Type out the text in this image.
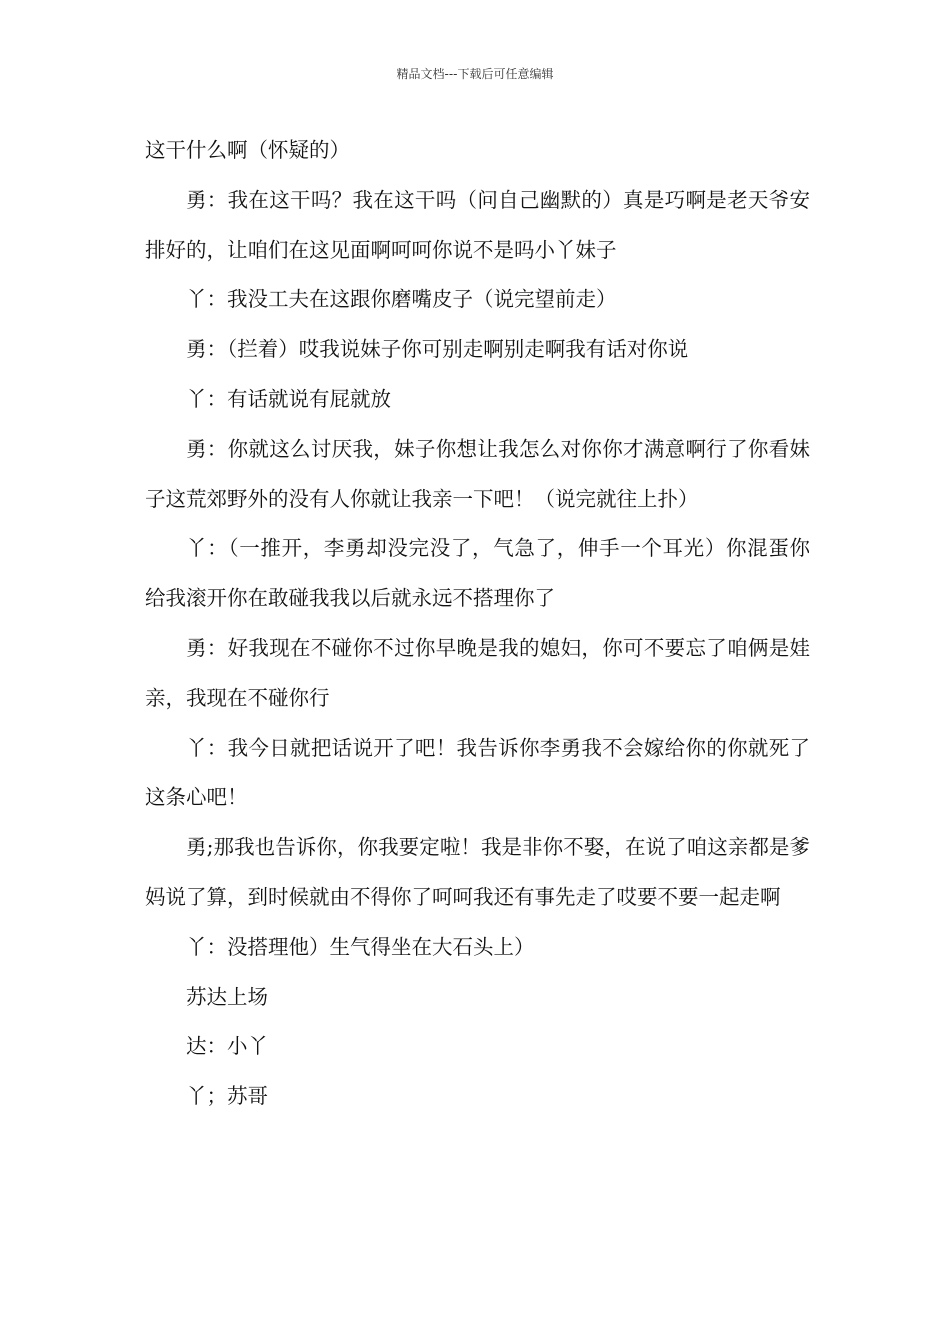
精品文档---下载后可任意编辑

这干什么啊（怀疑的）

勇：我在这干吗？我在这干吗（问自己幽默的）真是巧啊是老天爷安排好的，让咱们在这见面啊呵呵你说不是吗小丫妹子

丫：我没工夫在这跟你磨嘴皮子（说完望前走）

勇：（拦着）哎我说妹子你可别走啊别走啊我有话对你说

丫：有话就说有屁就放

勇：你就这么讨厌我，妹子你想让我怎么对你你才满意啊行了你看妹子这荒郊野外的没有人你就让我亲一下吧！（说完就往上扑）

丫：（一推开，李勇却没完没了，气急了，伸手一个耳光）你混蛋你给我滚开你在敢碰我我以后就永远不搭理你了

勇：好我现在不碰你不过你早晚是我的媳妇，你可不要忘了咱俩是娃亲，我现在不碰你行

丫：我今日就把话说开了吧！我告诉你李勇我不会嫁给你的你就死了这条心吧！

勇;那我也告诉你，你我要定啦！我是非你不娶，在说了咱这亲都是爹妈说了算，到时候就由不得你了呵呵我还有事先走了哎要不要一起走啊

丫：没搭理他）生气得坐在大石头上）

苏达上场

达：小丫

丫；苏哥
